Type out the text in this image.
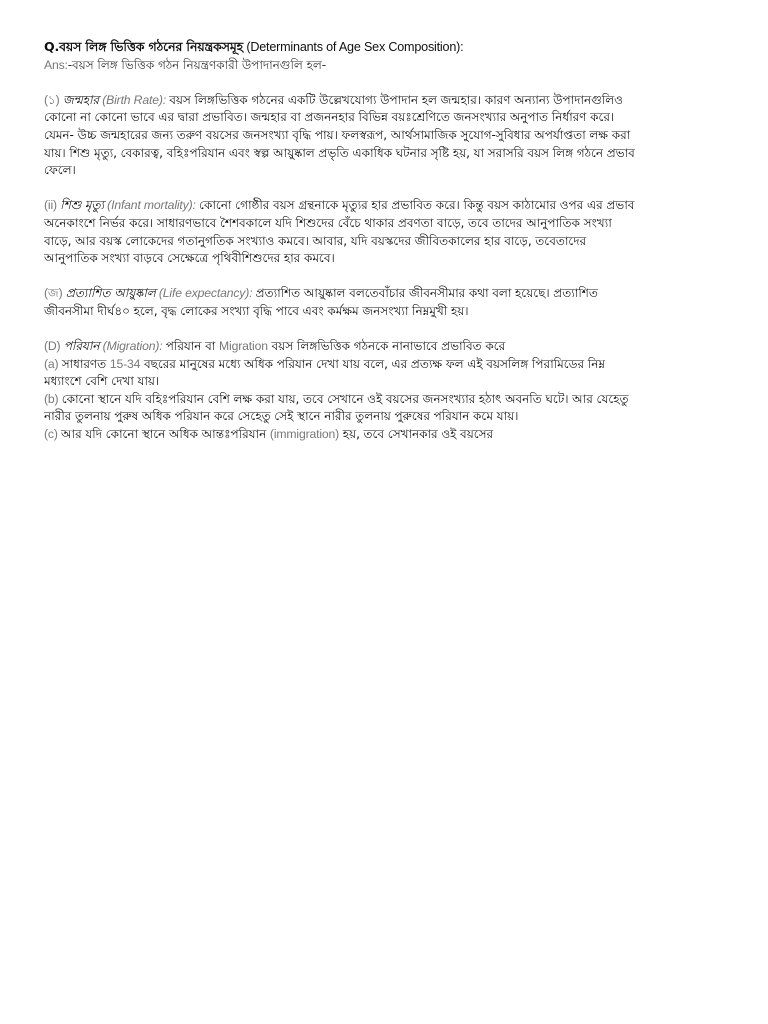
Q.বয়স লিঙ্গ ভিত্তিক গঠনের নিয়ন্ত্রকসমূহ (Determinants of Age Sex Composition):
Ans:-বয়স লিঙ্গ ভিত্তিক গঠন নিয়ন্ত্রণকারী উপাদানগুলি হল-
(১) জন্মহার (Birth Rate): বয়স লিঙ্গভিত্তিক গঠনের একটি উল্লেখযোগ্য উপাদান হল জন্মহার। কারণ অন্যান্য উপাদানগুলিও
কোনো না কোনো ভাবে এর দ্বারা প্রভাবিত। জন্মহার বা প্রজননহার বিভিন্ন বয়ঃশ্রেণিতে জনসংখ্যার অনুপাত নির্ধারণ করে।
যেমন- উচ্চ জন্মহারের জন্য তরুণ বয়সের জনসংখ্যা বৃদ্ধি পায়। ফলস্বরূপ, আর্থসামাজিক সুযোগ-সুবিধার অপর্যাপ্ততা লক্ষ করা
যায়। শিশু মৃত্যু, বেকারত্ব, বহিঃপরিযান এবং স্বল্প আয়ুষ্কাল প্রভৃতি একাধিক ঘটনার সৃষ্টি হয়, যা সরাসরি বয়স লিঙ্গ গঠনে প্রভাব
ফেলে।
(ii) শিশু মৃত্যু (Infant mortality): কোনো গোষ্ঠীর বয়স গ্রন্থনাকে মৃত্যুর হার প্রভাবিত করে। কিন্তু বয়স কাঠামোর ওপর এর প্রভাব
অনেকাংশে নির্ভর করে। সাধারণভাবে শৈশবকালে যদি শিশুদের বেঁচে থাকার প্রবণতা বাড়ে, তবে তাদের আনুপাতিক সংখ্যা
বাড়ে, আর বয়স্ক লোকেদের গতানুগতিক সংখ্যাও কমবে। আবার, যদি বয়স্কদের জীবিতকালের হার বাড়ে, তবেতাদের
আনুপাতিক সংখ্যা বাড়বে সেক্ষেত্রে পৃথিবীশিশুদের হার কমবে।
(জ) প্রত্যাশিত আয়ুষ্কাল (Life expectancy): প্রত্যাশিত আয়ুষ্কাল বলতেবাঁচার জীবনসীমার কথা বলা হয়েছে। প্রত্যাশিত
জীবনসীমা দীর্ঘ৪০ হলে, বৃদ্ধ লোকের সংখ্যা বৃদ্ধি পাবে এবং কর্মক্ষম জনসংখ্যা নিম্নমুখী হয়।
(D) পরিযান (Migration): পরিযান বা Migration বয়স লিঙ্গভিত্তিক গঠনকে নানাভাবে প্রভাবিত করে
(a) সাধারণত 15-34 বছরের মানুষের মধ্যে অধিক পরিযান দেখা যায় বলে, এর প্রত্যক্ষ ফল এই বয়সলিঙ্গ পিরামিডের নিম্ন
মধ্যাংশে বেশি দেখা যায়।
(b) কোনো স্থানে যদি বহিঃপরিযান বেশি লক্ষ করা যায়, তবে সেখানে ওই বয়সের জনসংখ্যার হঠাৎ অবনতি ঘটে। আর যেহেতু
নারীর তুলনায় পুরুষ অধিক পরিযান করে সেহেতু সেই স্থানে নারীর তুলনায় পুরুষের পরিযান কমে যায়।
(c) আর যদি কোনো স্থানে অধিক আন্তঃপরিযান (immigration) হয়, তবে সেখানকার ওই বয়সের
